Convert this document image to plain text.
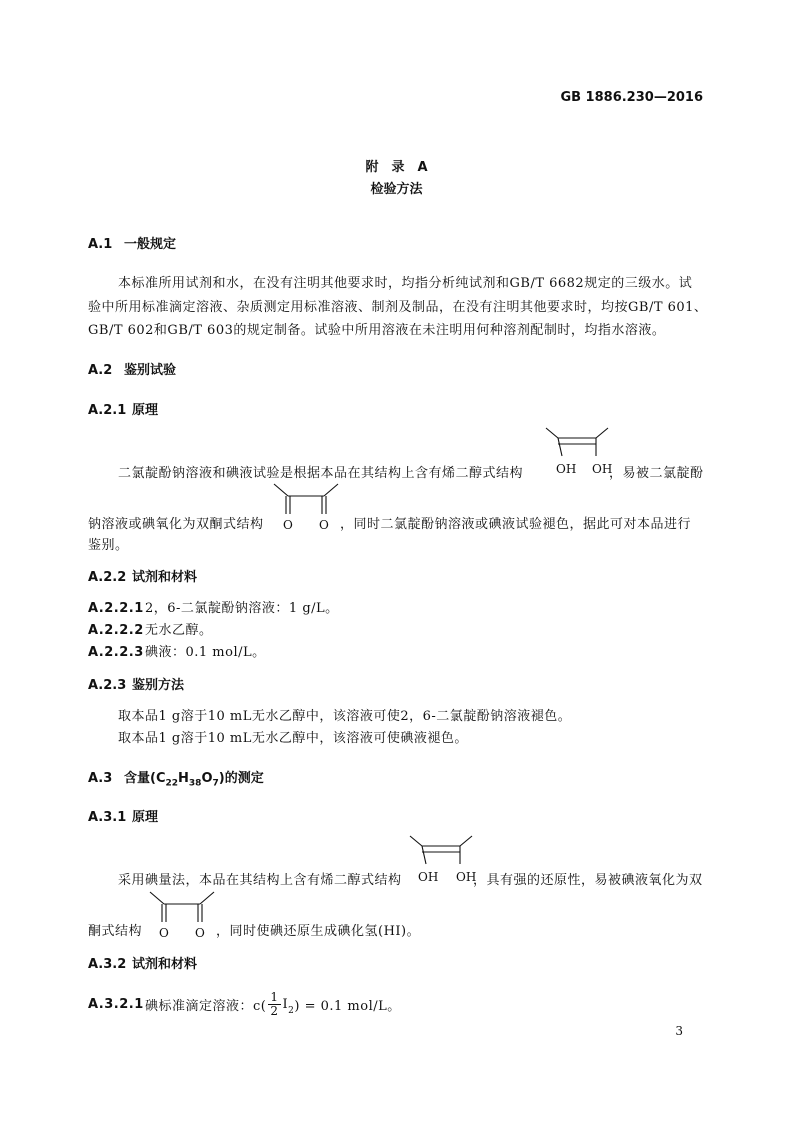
GB 1886.230—2016
附　录　A
检验方法
A.1 一般规定
本标准所用试剂和水，在没有注明其他要求时，均指分析纯试剂和GB/T 6682规定的三级水。试
验中所用标准滴定溶液、杂质测定用标准溶液、制剂及制品，在没有注明其他要求时，均按GB/T 601、
GB/T 602和GB/T 603的规定制备。试验中所用溶液在未注明用何种溶剂配制时，均指水溶液。
A.2 鉴别试验
A.2.1 原理
二氯靛酚钠溶液和碘液试验是根据本品在其结构上含有烯二醇式结构	OH OH
，易被二氯靛酚
钠溶液或碘氧化为双酮式结构 O O ，同时二氯靛酚钠溶液或碘液试验褪色，据此可对本品进行
鉴别。
A.2.2 试剂和材料
A.2.2.12，6-二氯靛酚钠溶液：1 g/L。
A.2.2.2无水乙醇。
A.2.2.3碘液：0.1 mol/L。
A.2.3 鉴别方法
取本品1 g溶于10 mL无水乙醇中，该溶液可使2，6-二氯靛酚钠溶液褪色。
取本品1 g溶于10 mL无水乙醇中，该溶液可使碘液褪色。
A.3 含量$(C_{22}H_{38}O_7)$的测定
A.3.1 原理
采用碘量法，本品在其结构上含有烯二醇式结构 OH OH
，具有强的还原性，易被碘液氧化为双
酮式结构 O O ，同时使碘还原生成碘化氢(HI)。
A.3.2 试剂和材料
A.3.2.1 碘标准滴定溶液：$c( \frac{1}{2} I_2$ ) = 0.1 mol/L。
3
